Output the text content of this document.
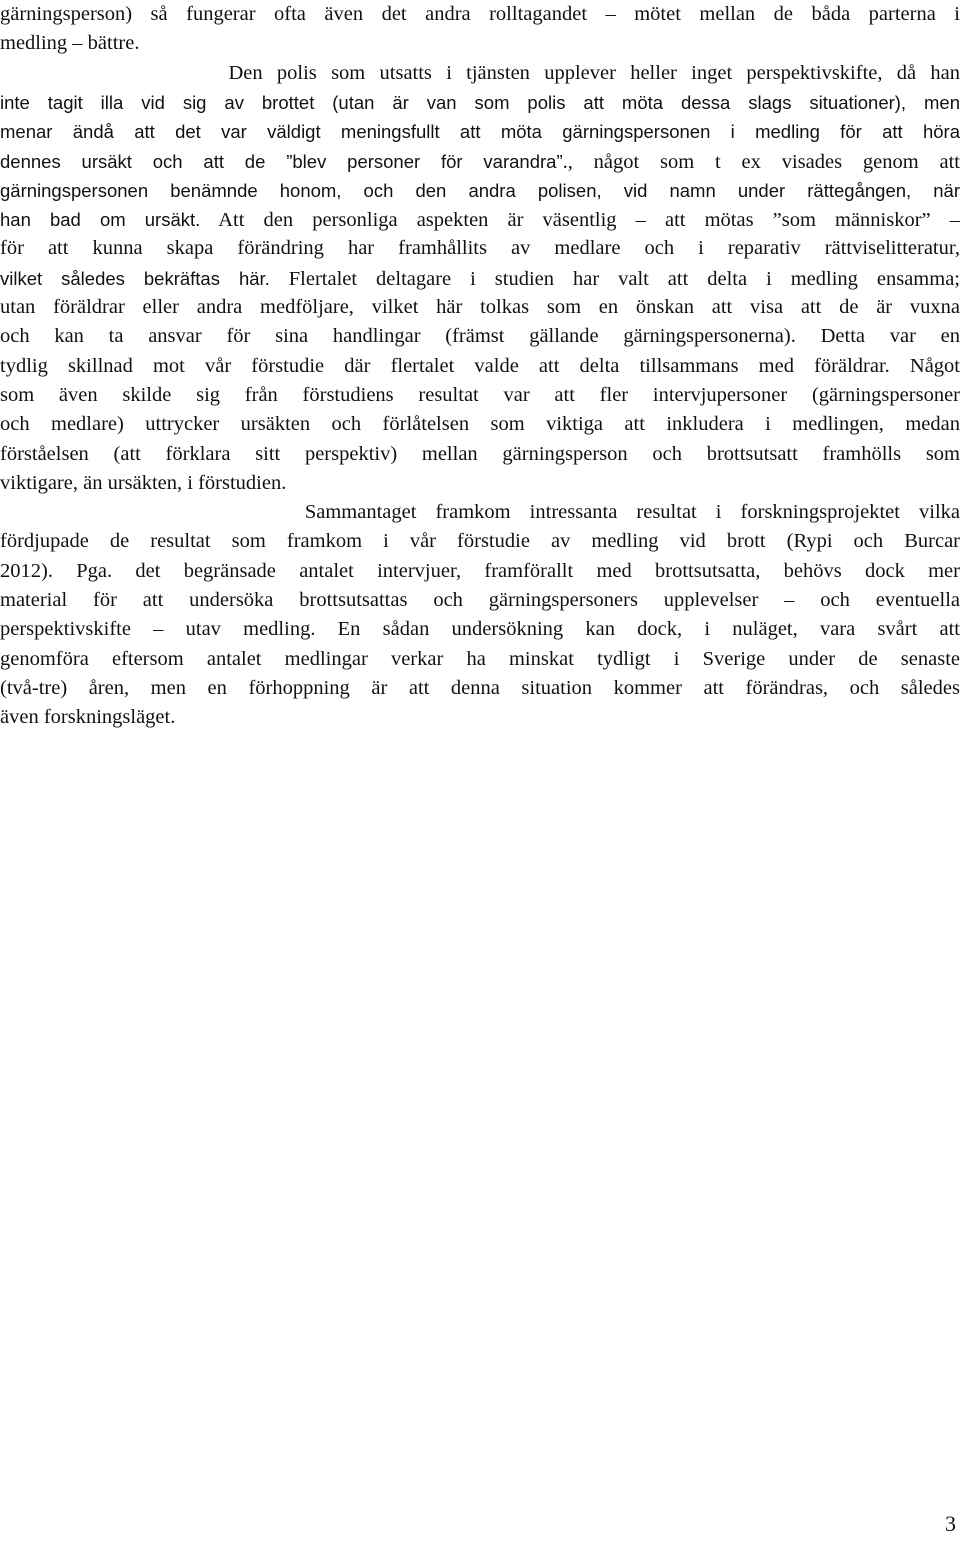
gärningsperson) så fungerar ofta även det andra rolltagandet – mötet mellan de båda parterna i
medling – bättre.
Den polis som utsatts i tjänsten upplever heller inget perspektivskifte, då han
inte tagit illa vid sig av brottet (utan är van som polis att möta dessa slags situationer), men
menar ändå att det var väldigt meningsfullt att möta gärningspersonen i medling för att höra
dennes ursäkt och att de ”blev personer för varandra”., något som t ex visades genom att
gärningspersonen benämnde honom, och den andra polisen, vid namn under rättegången, när
han bad om ursäkt. Att den personliga aspekten är väsentlig – att mötas ”som människor” –
för att kunna skapa förändring har framhållits av medlare och i reparativ rättviselitteratur,
vilket således bekräftas här. Flertalet deltagare i studien har valt att delta i medling ensamma;
utan föräldrar eller andra medföljare, vilket här tolkas som en önskan att visa att de är vuxna
och kan ta ansvar för sina handlingar (främst gällande gärningspersonerna). Detta var en
tydlig skillnad mot vår förstudie där flertalet valde att delta tillsammans med föräldrar. Något
som även skilde sig från förstudiens resultat var att fler intervjupersoner (gärningspersoner
och medlare) uttrycker ursäkten och förlåtelsen som viktiga att inkludera i medlingen, medan
förståelsen (att förklara sitt perspektiv) mellan gärningsperson och brottsutsatt framhölls som
viktigare, än ursäkten, i förstudien.
Sammantaget framkom intressanta resultat i forskningsprojektet vilka
fördjupade de resultat som framkom i vår förstudie av medling vid brott (Rypi och Burcar
2012). Pga. det begränsade antalet intervjuer, framförallt med brottsutsatta, behövs dock mer
material för att undersöka brottsutsattas och gärningspersoners upplevelser – och eventuella
perspektivskifte – utav medling. En sådan undersökning kan dock, i nuläget, vara svårt att
genomföra eftersom antalet medlingar verkar ha minskat tydligt i Sverige under de senaste
(två-tre) åren, men en förhoppning är att denna situation kommer att förändras, och således
även forskningsläget.
3
